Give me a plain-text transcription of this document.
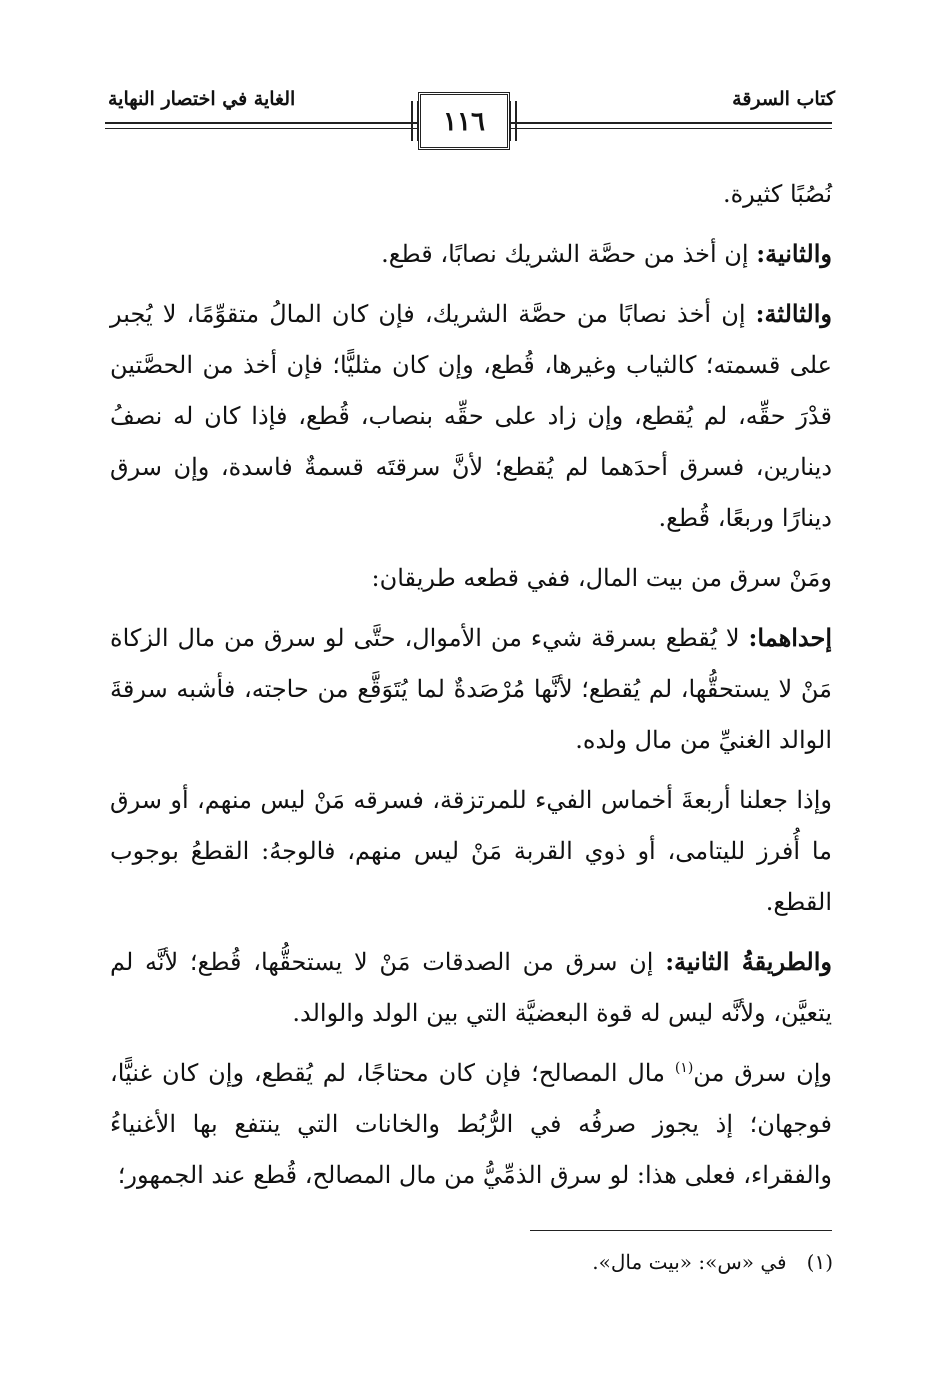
كتاب السرقة
الغاية في اختصار النهاية
١١٦

نُصُبًا كثيرة.

والثانية: إن أخذ من حصَّة الشريك نصابًا، قطع.

والثالثة: إن أخذ نصابًا من حصَّة الشريك، فإن كان المالُ متقوِّمًا، لا يُجبر على قسمته؛ كالثياب وغيرها، قُطع، وإن كان مثليًّا؛ فإن أخذ من الحصَّتين قدْرَ حقِّه، لم يُقطع، وإن زاد على حقِّه بنصاب، قُطع، فإذا كان له نصفُ دينارين، فسرق أحدَهما لم يُقطع؛ لأنَّ سرقتَه قسمةٌ فاسدة، وإن سرق دينارًا وربعًا، قُطع.

ومَنْ سرق من بيت المال، ففي قطعه طريقان:

إحداهما: لا يُقطع بسرقة شيء من الأموال، حتَّى لو سرق من مال الزكاة مَنْ لا يستحقُّها، لم يُقطع؛ لأنَّها مُرْصَدةٌ لما يُتَوَقَّع من حاجته، فأشبه سرقةَ الوالد الغنيِّ من مال ولده.

وإذا جعلنا أربعةَ أخماس الفيء للمرتزقة، فسرقه مَنْ ليس منهم، أو سرق ما أُفرز لليتامى، أو ذوي القربة مَنْ ليس منهم، فالوجهُ: القطعُ بوجوب القطع.

والطريقةُ الثانية: إن سرق من الصدقات مَنْ لا يستحقُّها، قُطع؛ لأنَّه لم يتعيَّن، ولأنَّه ليس له قوة البعضيَّة التي بين الولد والوالد.

وإن سرق من$^{(١)}$ مال المصالح؛ فإن كان محتاجًا، لم يُقطع، وإن كان غنيًّا، فوجهان؛ إذ يجوز صرفُه في الرُّبُط والخانات التي ينتفع بها الأغنياءُ والفقراء، فعلى هذا: لو سرق الذمِّيُّ من مال المصالح، قُطع عند الجمهور؛

(١)في «س»: «بيت مال».
